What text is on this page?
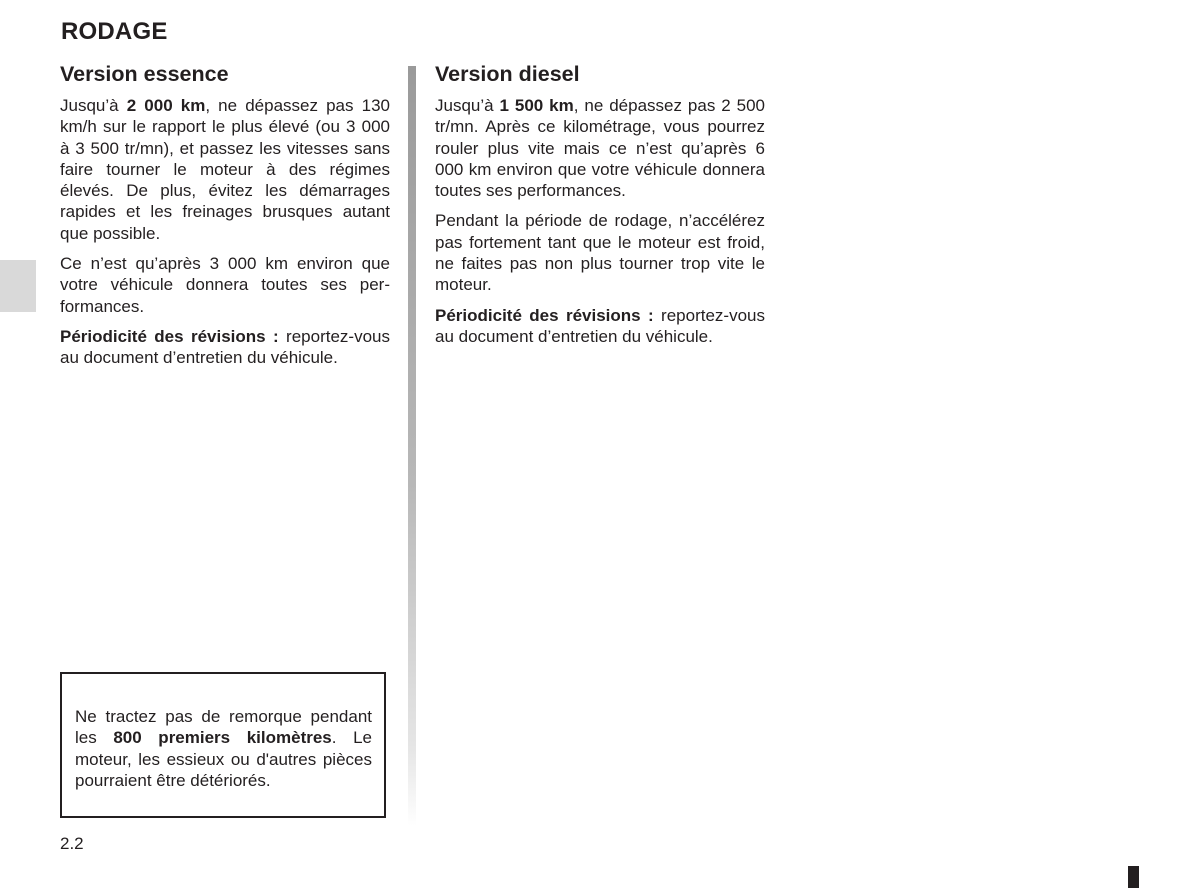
RODAGE
Version essence

Jusqu’à 2 000 km, ne dépassez pas 130 km/h sur le rapport le plus élevé (ou 3 000 à 3 500 tr/mn), et passez les vitesses sans faire tourner le moteur à des régimes élevés. De plus, évitez les démarrages rapides et les freinages brusques autant que possible.

Ce n’est qu’après 3 000 km environ que votre véhicule donnera toutes ses performances.

Périodicité des révisions : reportez-vous au document d’entretien du véhicule.

Version diesel

Jusqu’à 1 500 km, ne dépassez pas 2 500 tr/mn. Après ce kilométrage, vous pourrez rouler plus vite mais ce n’est qu’après 6 000 km environ que votre véhicule donnera toutes ses performances.

Pendant la période de rodage, n’accélérez pas fortement tant que le moteur est froid, ne faites pas non plus tourner trop vite le moteur.

Périodicité des révisions : reportez-vous au document d’entretien du véhicule.

Ne tractez pas de remorque pendant les 800 premiers kilomètres. Le moteur, les essieux ou d'autres pièces pourraient être détériorés.

2.2
